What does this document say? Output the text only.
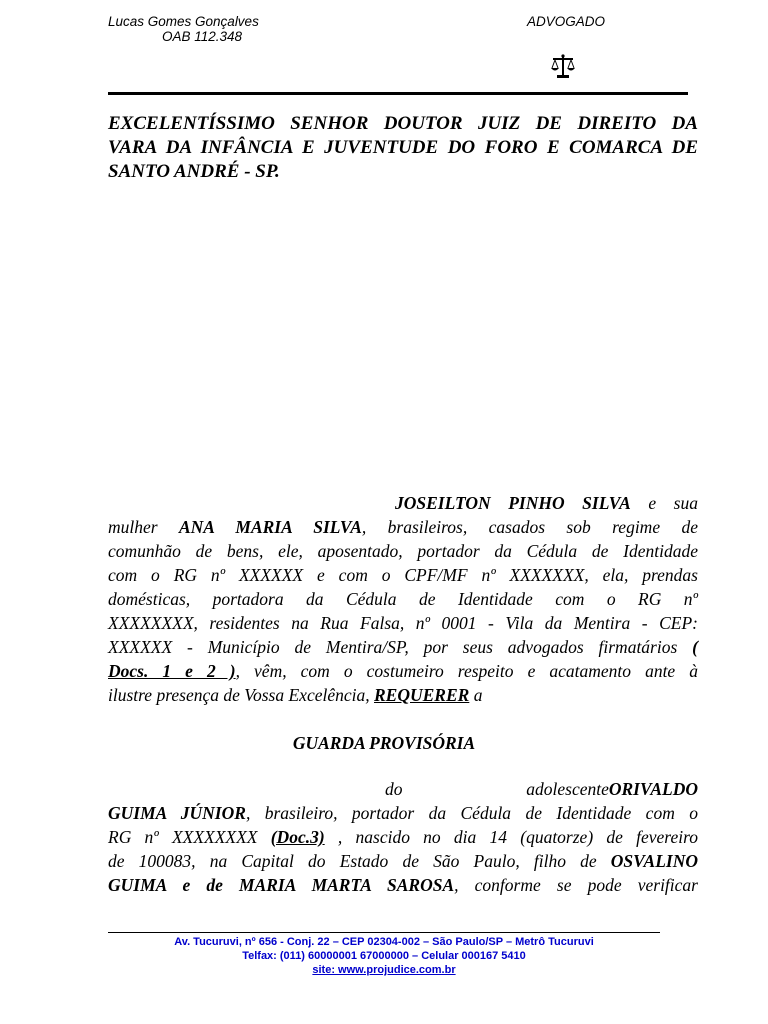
Lucas Gomes Gonçalves
OAB 112.348
ADVOGADO
EXCELENTÍSSIMO SENHOR DOUTOR JUIZ DE DIREITO DA
VARA DA INFÂNCIA E JUVENTUDE DO FORO E COMARCA DE
SANTO ANDRÉ - SP.
JOSEILTON PINHO SILVA e sua
mulher ANA MARIA SILVA, brasileiros, casados sob regime de
comunhão de bens, ele, aposentado, portador da Cédula de Identidade
com o RG nº XXXXXX e com o CPF/MF nº XXXXXXX, ela, prendas
domésticas, portadora da Cédula de Identidade com o RG nº
XXXXXXXX, residentes na Rua Falsa, nº 0001 - Vila da Mentira - CEP:
XXXXXX - Município de Mentira/SP, por seus advogados firmatários (
Docs. 1 e 2 ), vêm, com o costumeiro respeito e acatamento ante à
ilustre presença de Vossa Excelência, REQUERER a
GUARDA PROVISÓRIA
do adolescenteORIVALDO
GUIMA JÚNIOR, brasileiro, portador da Cédula de Identidade com o
RG nº XXXXXXXX (Doc.3) , nascido no dia 14 (quatorze) de fevereiro
de 100083, na Capital do Estado de São Paulo, filho de OSVALINO
GUIMA e de MARIA MARTA SAROSA, conforme se pode verificar
Av. Tucuruvi, nº 656 - Conj. 22 – CEP 02304-002 – São Paulo/SP – Metrô Tucuruvi
Telfax: (011) 60000001 67000000 – Celular 000167 5410
site: www.projudice.com.br
